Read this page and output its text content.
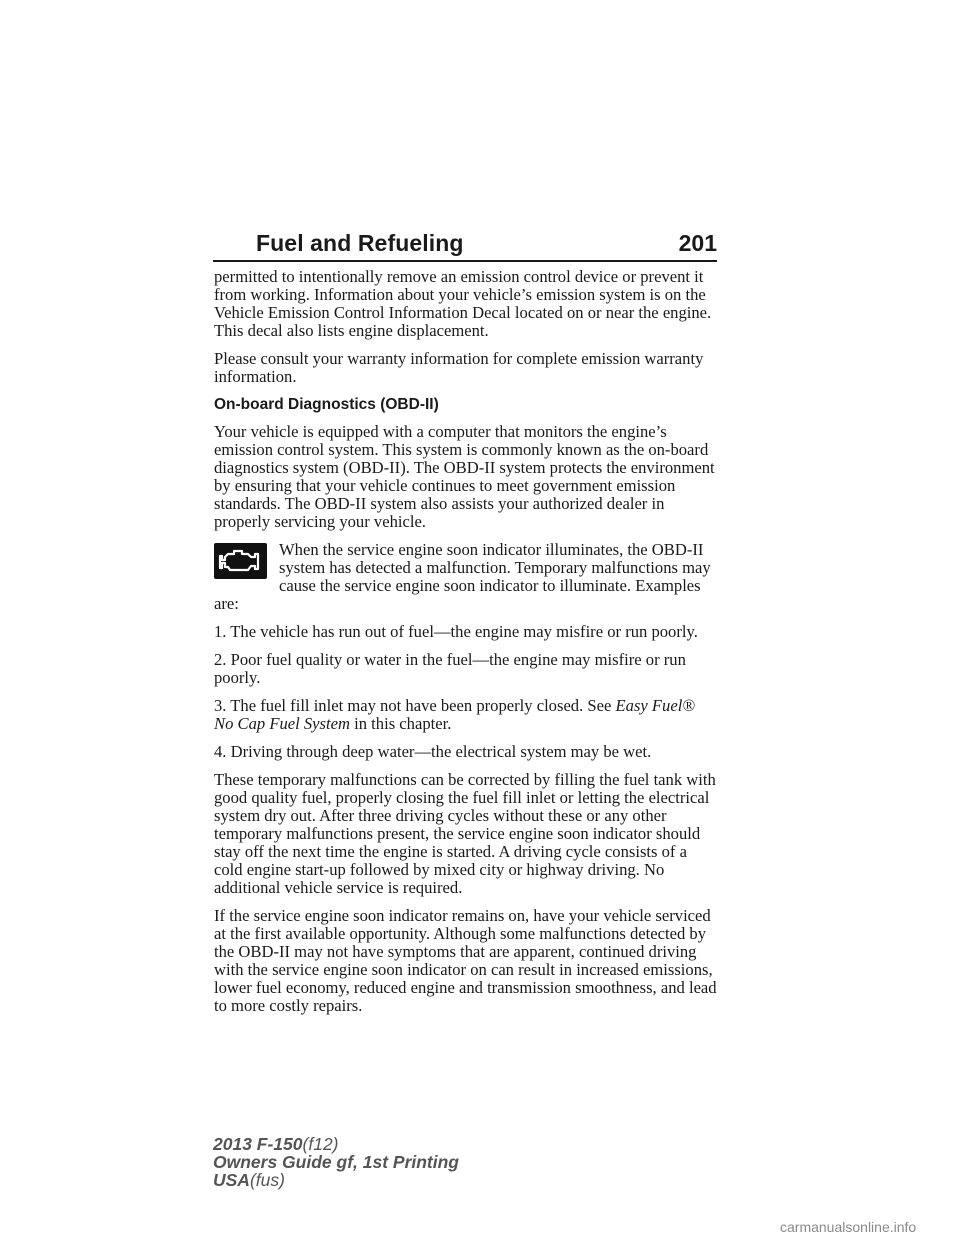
Fuel and Refueling	201

permitted to intentionally remove an emission control device or prevent it from working. Information about your vehicle’s emission system is on the Vehicle Emission Control Information Decal located on or near the engine. This decal also lists engine displacement.

Please consult your warranty information for complete emission warranty information.

On-board Diagnostics (OBD-II)

Your vehicle is equipped with a computer that monitors the engine’s emission control system. This system is commonly known as the on-board diagnostics system (OBD-II). The OBD-II system protects the environment by ensuring that your vehicle continues to meet government emission standards. The OBD-II system also assists your authorized dealer in properly servicing your vehicle.

When the service engine soon indicator illuminates, the OBD-II system has detected a malfunction. Temporary malfunctions may cause the service engine soon indicator to illuminate. Examples are:

1. The vehicle has run out of fuel—the engine may misfire or run poorly.

2. Poor fuel quality or water in the fuel—the engine may misfire or run poorly.

3. The fuel fill inlet may not have been properly closed. See Easy Fuel® No Cap Fuel System in this chapter.

4. Driving through deep water—the electrical system may be wet.

These temporary malfunctions can be corrected by filling the fuel tank with good quality fuel, properly closing the fuel fill inlet or letting the electrical system dry out. After three driving cycles without these or any other temporary malfunctions present, the service engine soon indicator should stay off the next time the engine is started. A driving cycle consists of a cold engine start-up followed by mixed city or highway driving. No additional vehicle service is required.

If the service engine soon indicator remains on, have your vehicle serviced at the first available opportunity. Although some malfunctions detected by the OBD-II may not have symptoms that are apparent, continued driving with the service engine soon indicator on can result in increased emissions, lower fuel economy, reduced engine and transmission smoothness, and lead to more costly repairs.

2013 F-150(f12)
Owners Guide gf, 1st Printing
USA(fus)
carmanualsonline.info
